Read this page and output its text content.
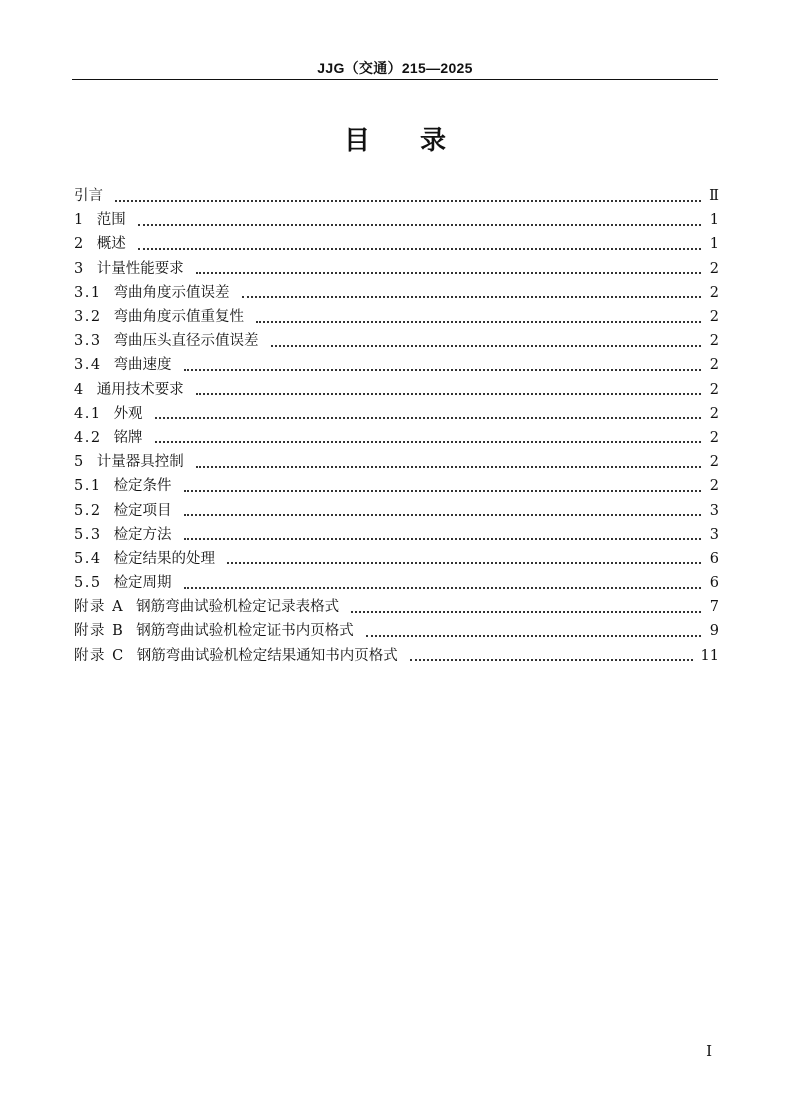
JJG（交通）215—2025
目录
引言	Ⅱ
1 范围	1
2 概述	1
3 计量性能要求	2
3.1 弯曲角度示值误差	2
3.2 弯曲角度示值重复性	2
3.3 弯曲压头直径示值误差	2
3.4 弯曲速度	2
4 通用技术要求	2
4.1 外观	2
4.2 铭牌	2
5 计量器具控制	2
5.1 检定条件	2
5.2 检定项目	3
5.3 检定方法	3
5.4 检定结果的处理	6
5.5 检定周期	6
附录 A 钢筋弯曲试验机检定记录表格式	7
附录 B 钢筋弯曲试验机检定证书内页格式	9
附录 C 钢筋弯曲试验机检定结果通知书内页格式	11
I
